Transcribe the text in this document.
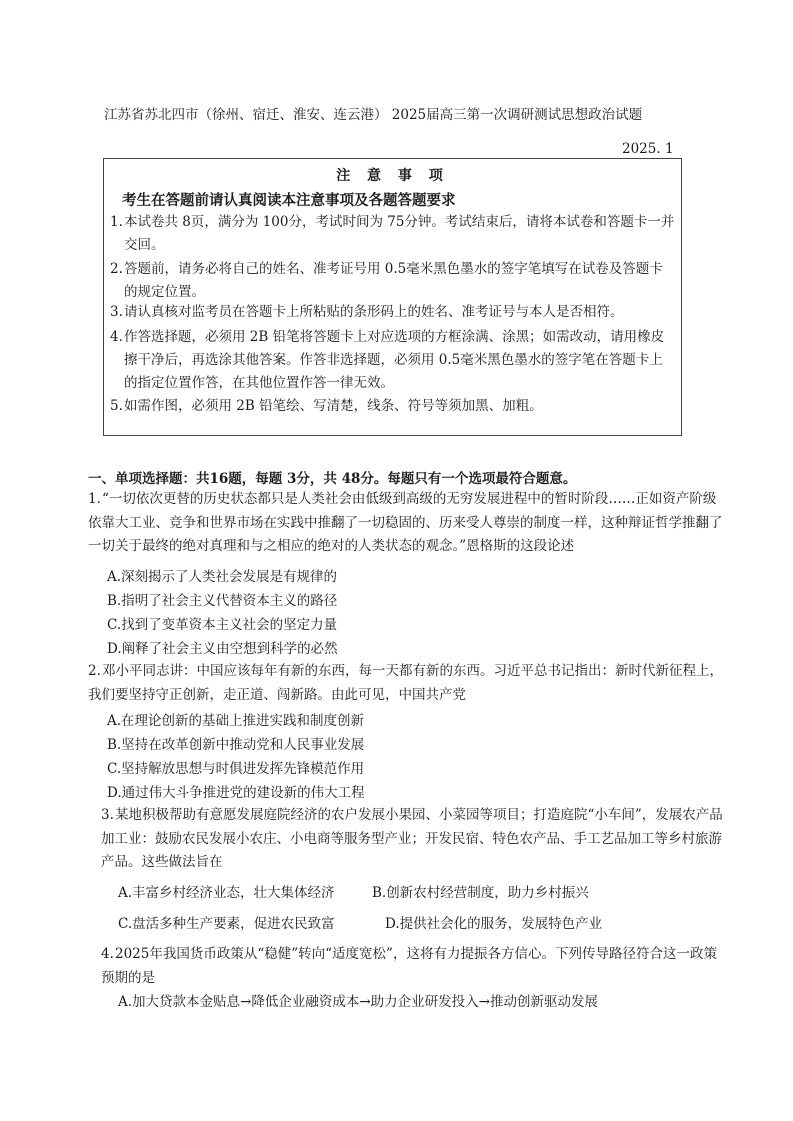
江苏省苏北四市（徐州、宿迁、淮安、连云港） 2025届高三第一次调研测试思想政治试题
2025. 1
注 意 事 项
考生在答题前请认真阅读本注意事项及各题答题要求
1. 本试卷共 8页，满分为 100分，考试时间为 75分钟。考试结束后，请将本试卷和答题卡一并交回。
2. 答题前，请务必将自己的姓名、准考证号用 0.5毫米黑色墨水的签字笔填写在试卷及答题卡的规定位置。
3. 请认真核对监考员在答题卡上所粘贴的条形码上的姓名、准考证号与本人是否相符。
4. 作答选择题，必须用 2B 铅笔将答题卡上对应选项的方框涂满、涂黑；如需改动，请用橡皮擦干净后，再选涂其他答案。作答非选择题，必须用 0.5毫米黑色墨水的签字笔在答题卡上的指定位置作答，在其他位置作答一律无效。
5. 如需作图，必须用 2B 铅笔绘、写清楚，线条、符号等须加黑、加粗。
一、单项选择题：共16题，每题 3分，共 48分。每题只有一个选项最符合题意。
1. “一切依次更替的历史状态都只是人类社会由低级到高级的无穷发展进程中的暂时阶段……正如资产阶级依靠大工业、竞争和世界市场在实践中推翻了一切稳固的、历来受人尊崇的制度一样，这种辩证哲学推翻了一切关于最终的绝对真理和与之相应的绝对的人类状态的观念。”恩格斯的这段论述
A.深刻揭示了人类社会发展是有规律的
B.指明了社会主义代替资本主义的路径
C.找到了变革资本主义社会的坚定力量
D.阐释了社会主义由空想到科学的必然
2. 邓小平同志讲：中国应该每年有新的东西，每一天都有新的东西。习近平总书记指出：新时代新征程上，我们要坚持守正创新，走正道、闯新路。由此可见，中国共产党
A.在理论创新的基础上推进实践和制度创新
B.坚持在改革创新中推动党和人民事业发展
C.坚持解放思想与时俱进发挥先锋模范作用
D.通过伟大斗争推进党的建设新的伟大工程
3. 某地积极帮助有意愿发展庭院经济的农户发展小果园、小菜园等项目；打造庭院“小车间”，发展农产品加工业：鼓励农民发展小农庄、小电商等服务型产业；开发民宿、特色农产品、手工艺品加工等乡村旅游产品。这些做法旨在
A.丰富乡村经济业态，壮大集体经济	B.创新农村经营制度，助力乡村振兴
C.盘活多种生产要素，促进农民致富	D.提供社会化的服务，发展特色产业
4. 2025年我国货币政策从“稳健”转向“适度宽松”，这将有力提振各方信心。下列传导路径符合这一政策预期的是
A.加大贷款本金贴息→降低企业融资成本→助力企业研发投入→推动创新驱动发展
